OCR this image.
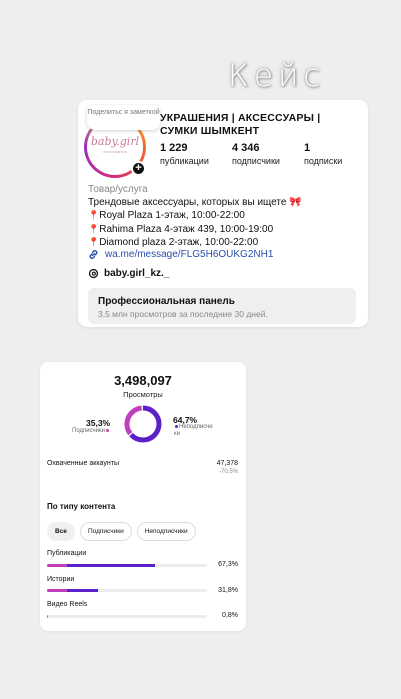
Кейс
baby.girl
accessories
Поделитьс я заметкой
+
УКРАШЕНИЯ | АКСЕССУАРЫ | СУМКИ ШЫМКЕНТ
1 229
публикации
4 346
подписчики
1
подписки
Товар/услуга
Трендовые аксессуары, которых вы ищете 🎀
📍Royal Plaza 1-этаж, 10:00-22:00
📍Rahima Plaza 4-этаж 439, 10:00-19:00
📍Diamond plaza 2-этаж, 10:00-22:00
wa.me/message/FLG5H6OUKG2NH1
baby.girl_kz._
Профессиональная панель
3,5 млн просмотров за последние 30 дней.
3,498,097
Просмотры
35,3%
Подписчики
64,7%
Неподписчи ки
Охваченные аккаунты	47,378
-70,5%
По типу контента
Все	Подписчики	Неподписчики
Публикации
67,3%
Истории
31,8%
Видео Reels
0,8%
